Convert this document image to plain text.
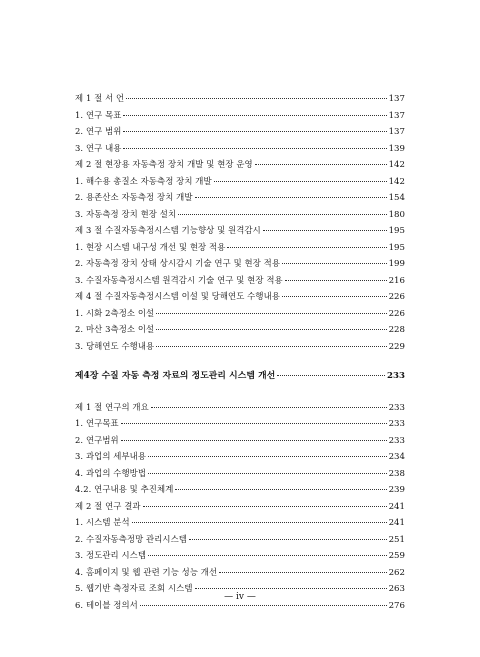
제 1 절 서 언	137
1. 연구 목표	137
2. 연구 범위	137
3. 연구 내용	139
제 2 절 현장용 자동측정 장치 개발 및 현장 운영	142
1. 해수용 총질소 자동측정 장치 개발	142
2. 용존산소 자동측정 장치 개발	154
3. 자동측정 장치 현장 설치	180
제 3 절 수질자동측정시스템 기능향상 및 원격감시	195
1. 현장 시스템 내구성 개선 및 현장 적용	195
2. 자동측정 장치 상태 상시감시 기술 연구 및 현장 적용	199
3. 수질자동측정시스템 원격감시 기술 연구 및 현장 적용	216
제 4 절 수질자동측정시스템 이설 및 당해연도 수행내용	226
1. 시화 2측정소 이설	226
2. 마산 3측정소 이설	228
3. 당해연도 수행내용	229
제4장 수질 자동 측정 자료의 정도관리 시스템 개선	233
제 1 절 연구의 개요	233
1. 연구목표	233
2. 연구범위	233
3. 과업의 세부내용	234
4. 과업의 수행방법	238
4.2. 연구내용 및 추진체계	239
제 2 절 연구 결과	241
1. 시스템 분석	241
2. 수질자동측정망 관리시스템	251
3. 정도관리 시스템	259
4. 홈페이지 및 웹 관련 기능 성능 개선	262
5. 웹기반 측정자료 조회 시스템	263
6. 테이블 정의서	276
— iv —
